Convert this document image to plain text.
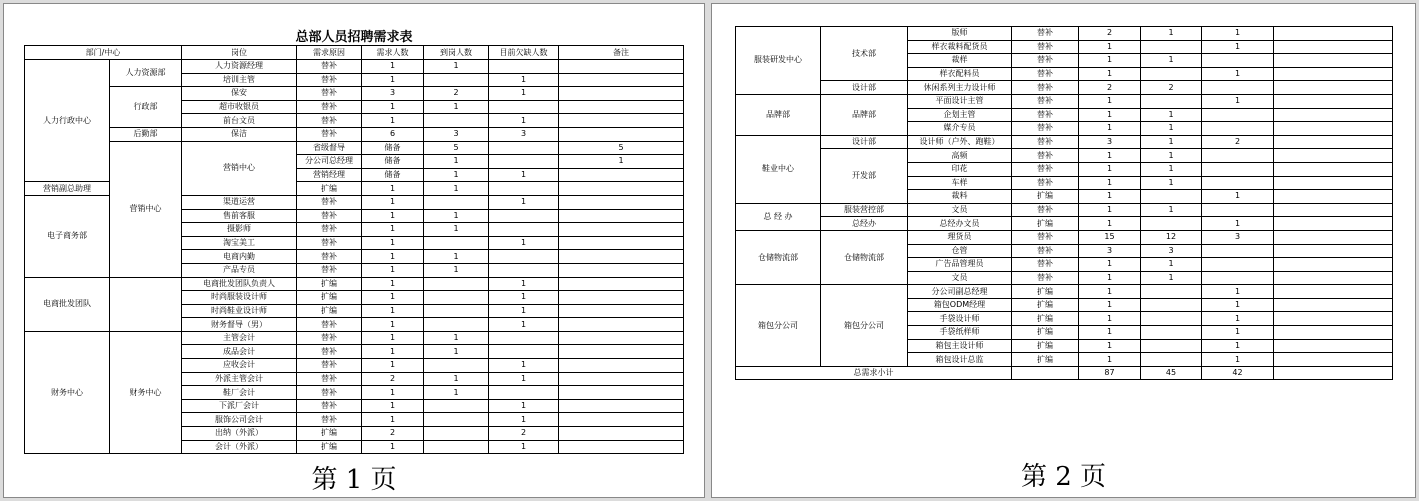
总部人员招聘需求表
部门/中心		岗位	需求原因	需求人数	到岗人数	目前欠缺人数	备注	
人力行政中心	人力资源部	人力资源经理	替补	1	1			
		培训主管	替补	1		1		
	行政部	保安	替补	3	2	1		
		超市收银员	替补	1	1			
		前台文员	替补	1		1		
	后勤部	保洁	替补	6	3	3		
	营销中心	营销中心	省级督导	储备	5		5	
			分公司总经理	储备	1		1	
			营销经理	储备	1	1		
营销副总助理			扩编	1	1			
电子商务部		渠道运营	替补	1		1		
		售前客服	替补	1	1			
		摄影师	替补	1	1			
		淘宝美工	替补	1		1		
		电商内勤	替补	1	1			
		产品专员	替补	1	1			
电商批发团队		电商批发团队负责人	扩编	1		1		
		时尚服装设计师	扩编	1		1		
		时尚鞋业设计师	扩编	1		1		
		财务督导（男）	替补	1		1		
财务中心	财务中心	主管会计	替补	1	1			
		成品会计	替补	1	1			
		应收会计	替补	1		1		
		外派主管会计	替补	2	1	1		
		鞋厂会计	替补	1	1			
		下派厂会计	替补	1		1		
		服饰公司会计	替补	1		1		
		出纳（外派）	扩编	2		2		
		会计（外派）	扩编	1		1		
第 1 页
服装研发中心	技术部	版师	替补	2	1	1	
		样衣裁料配货员	替补	1		1	
		裁样	替补	1	1		
		样衣配料员	替补	1		1	
	设计部	休闲系列主力设计师	替补	2	2		
品牌部	品牌部	平面设计主管	替补	1		1	
		企划主管	替补	1	1		
		媒介专员	替补	1	1		
鞋业中心	设计部	设计师（户外、跑鞋）	替补	3	1	2	
	开发部	高频	替补	1	1		
		印花	替补	1	1		
		车样	替补	1	1		
		裁料	扩编	1		1	
总 经 办	服装营控部	文员	替补	1	1		
	总经办	总经办文员	扩编	1		1	
仓储物流部	仓储物流部	理货员	替补	15	12	3	
		仓管	替补	3	3		
		广告品管理员	替补	1	1		
		文员	替补	1	1		
箱包分公司	箱包分公司	分公司副总经理	扩编	1		1	
		箱包ODM经理	扩编	1		1	
		手袋设计师	扩编	1		1	
		手袋纸样师	扩编	1		1	
		箱包主设计师	扩编	1		1	
		箱包设计总监	扩编	1		1	
总需求小计				87	45	42	
第 2 页
